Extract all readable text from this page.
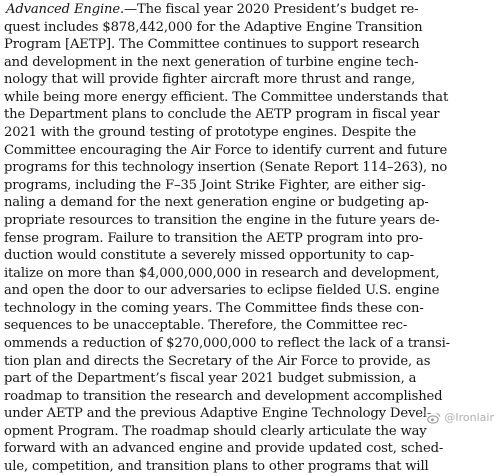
Advanced Engine.—The fiscal year 2020 President’s budget re-
quest includes $878,442,000 for the Adaptive Engine Transition
Program [AETP]. The Committee continues to support research
and development in the next generation of turbine engine tech-
nology that will provide fighter aircraft more thrust and range,
while being more energy efficient. The Committee understands that
the Department plans to conclude the AETP program in fiscal year
2021 with the ground testing of prototype engines. Despite the
Committee encouraging the Air Force to identify current and future
programs for this technology insertion (Senate Report 114–263), no
programs, including the F–35 Joint Strike Fighter, are either sig-
naling a demand for the next generation engine or budgeting ap-
propriate resources to transition the engine in the future years de-
fense program. Failure to transition the AETP program into pro-
duction would constitute a severely missed opportunity to cap-
italize on more than $4,000,000,000 in research and development,
and open the door to our adversaries to eclipse fielded U.S. engine
technology in the coming years. The Committee finds these con-
sequences to be unacceptable. Therefore, the Committee rec-
ommends a reduction of $270,000,000 to reflect the lack of a transi-
tion plan and directs the Secretary of the Air Force to provide, as
part of the Department’s fiscal year 2021 budget submission, a
roadmap to transition the research and development accomplished
under AETP and the previous Adaptive Engine Technology Devel-
opment Program. The roadmap should clearly articulate the way
forward with an advanced engine and provide updated cost, sched-
ule, competition, and transition plans to other programs that will
@Ironlair
